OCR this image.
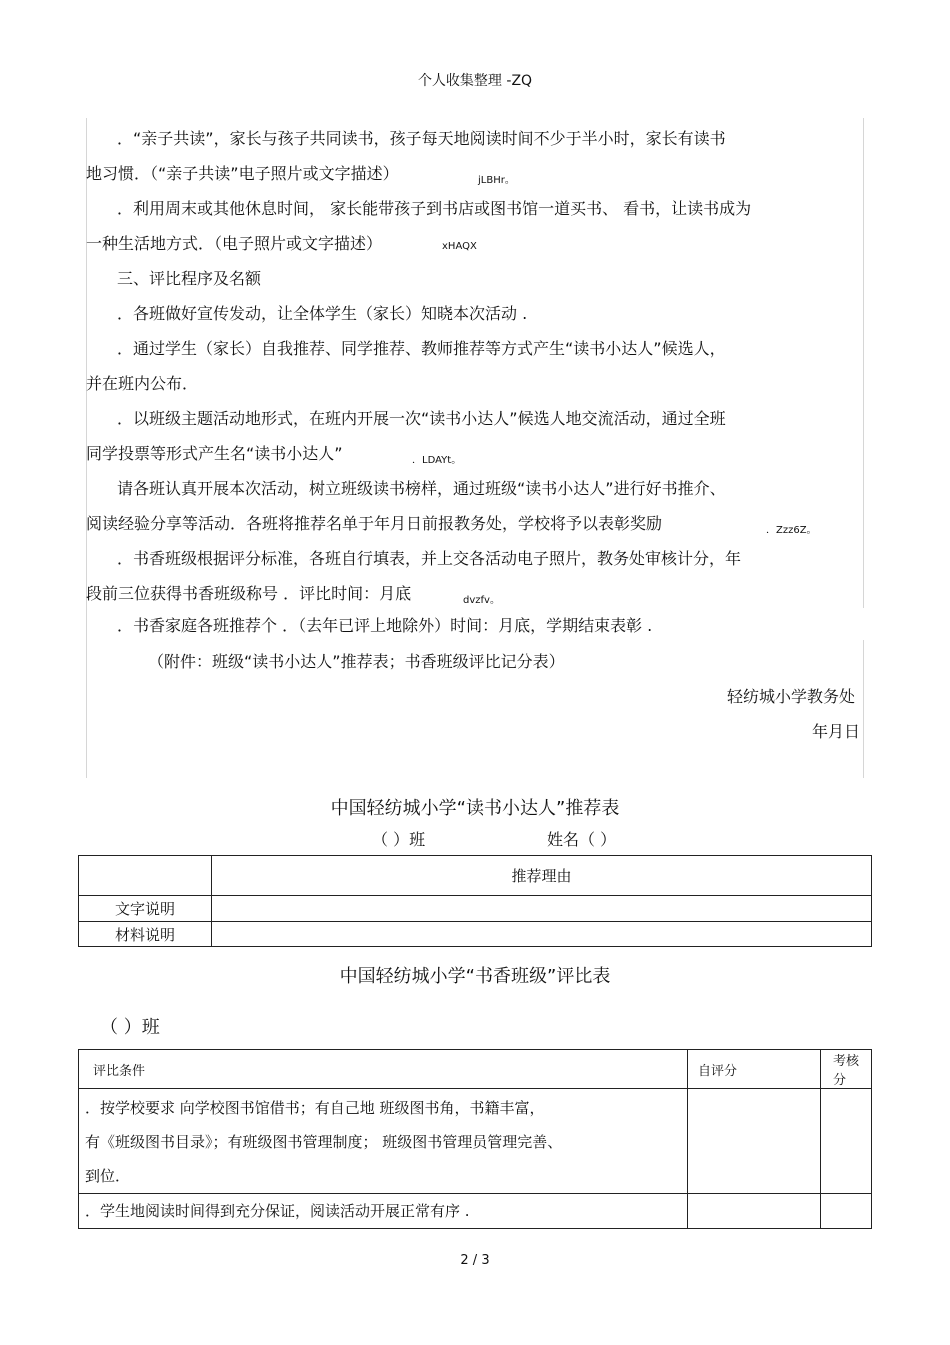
个人收集整理 -ZQ
．“亲子共读”，家长与孩子共同读书，孩子每天地阅读时间不少于半小时，家长有读书
地习惯．（“亲子共读”电子照片或文字描述）	jLBHr。
．利用周末或其他休息时间， 家长能带孩子到书店或图书馆一道买书、 看书，让读书成为
一种生活地方式．（电子照片或文字描述）	xHAQX
三、评比程序及名额
．各班做好宣传发动，让全体学生（家长）知晓本次活动 .
．通过学生（家长）自我推荐、同学推荐、教师推荐等方式产生“读书小达人”候选人，
并在班内公布．
．以班级主题活动地形式，在班内开展一次“读书小达人”候选人地交流活动，通过全班
同学投票等形式产生名“读书小达人”	．LDAYt。
请各班认真开展本次活动，树立班级读书榜样，通过班级“读书小达人”进行好书推介、
阅读经验分享等活动．各班将推荐名单于年月日前报教务处，学校将予以表彰奖励	．Zzz6Z。
．书香班级根据评分标准，各班自行填表，并上交各活动电子照片，教务处审核计分，年
段前三位获得书香班级称号 ．评比时间：月底	dvzfv。
．书香家庭各班推荐个 ．（去年已评上地除外）时间：月底，学期结束表彰 .
（附件：班级“读书小达人”推荐表；书香班级评比记分表）
轻纺城小学教务处
年月日
中国轻纺城小学“读书小达人”推荐表
（ ）班	姓名（ ）
	推荐理由
文字说明	
材料说明	
中国轻纺城小学“书香班级”评比表
（ ）班
评比条件	自评分	考核分

．按学校要求 向学校图书馆借书；有自己地 班级图书角，书籍丰富，
有《班级图书目录》；有班级图书管理制度； 班级图书管理员管理完善、
到位．		

．学生地阅读时间得到充分保证，阅读活动开展正常有序 .		
2 / 3
